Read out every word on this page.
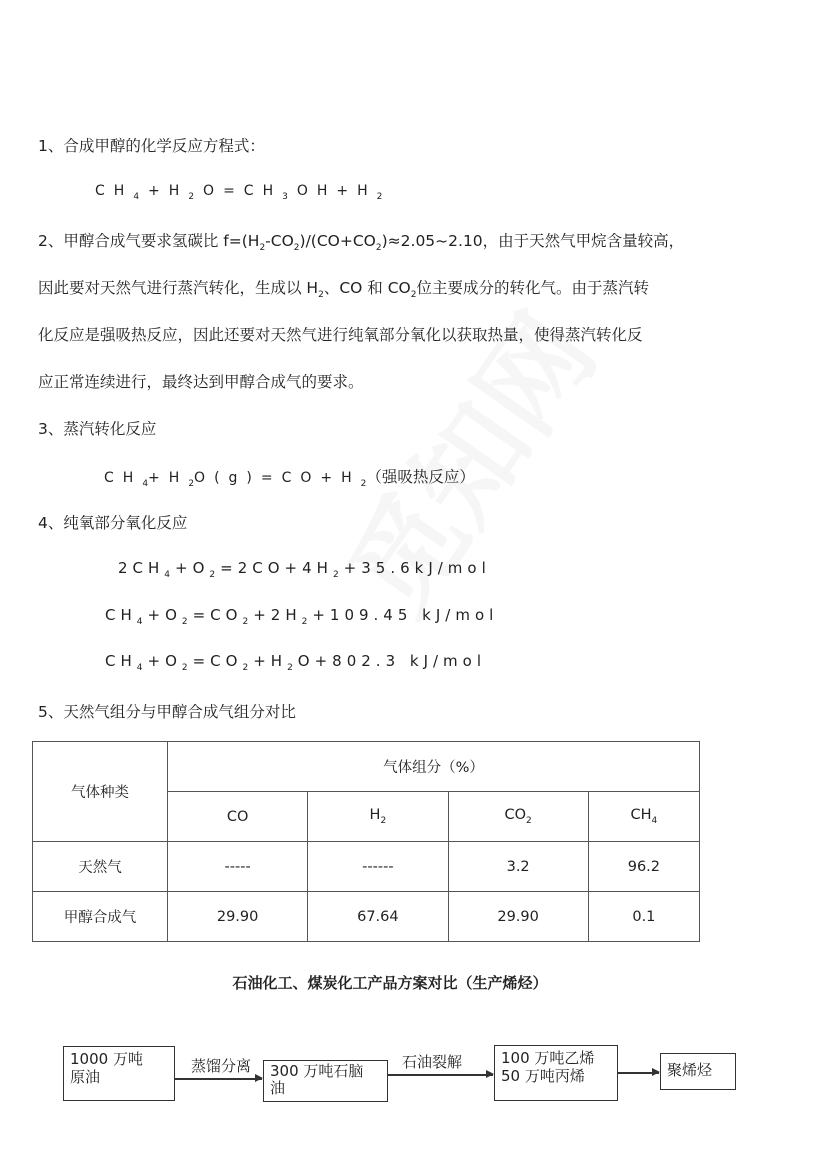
1、合成甲醇的化学反应方程式：
$CH_4+H_2O=CH_3OH+H_2$
2、甲醇合成气要求氢碳比 $f=(H_2-CO_2)/(CO+CO_2)\approx 2.05\sim 2.10$，由于天然气甲烷含量较高，
因此要对天然气进行蒸汽转化，生成以 $H_2$、CO 和 $CO_2$位主要成分的转化气。由于蒸汽转
化反应是强吸热反应，因此还要对天然气进行纯氧部分氧化以获取热量，使得蒸汽转化反
应正常连续进行，最终达到甲醇合成气的要求。
3、蒸汽转化反应
$CH_4+H_2O(g)=CO+H_2$（强吸热反应）
4、纯氧部分氧化反应
$2CH_4+O_2=2CO+4H_2+35.6kJ$/mol
$CH_4+O_2=CO_2+2H_2+109.45$ kJ/mol
$CH_4+O_2=CO_2+H_2O+802.3$ kJ/mol
5、天然气组分与甲醇合成气组分对比
气体种类	气体组分（%）			
	CO	$H_2$	$CO_2$	$CH_4$
天然气	-----	------	3.2	96.2
甲醇合成气	29.90	67.64	29.90	0.1
石油化工、煤炭化工产品方案对比（生产烯烃）
蒸馏分离	石油裂解
1000 万吨
原油	300 万吨石脑
油
100 万吨乙烯
50 万吨丙烯	聚烯烃
